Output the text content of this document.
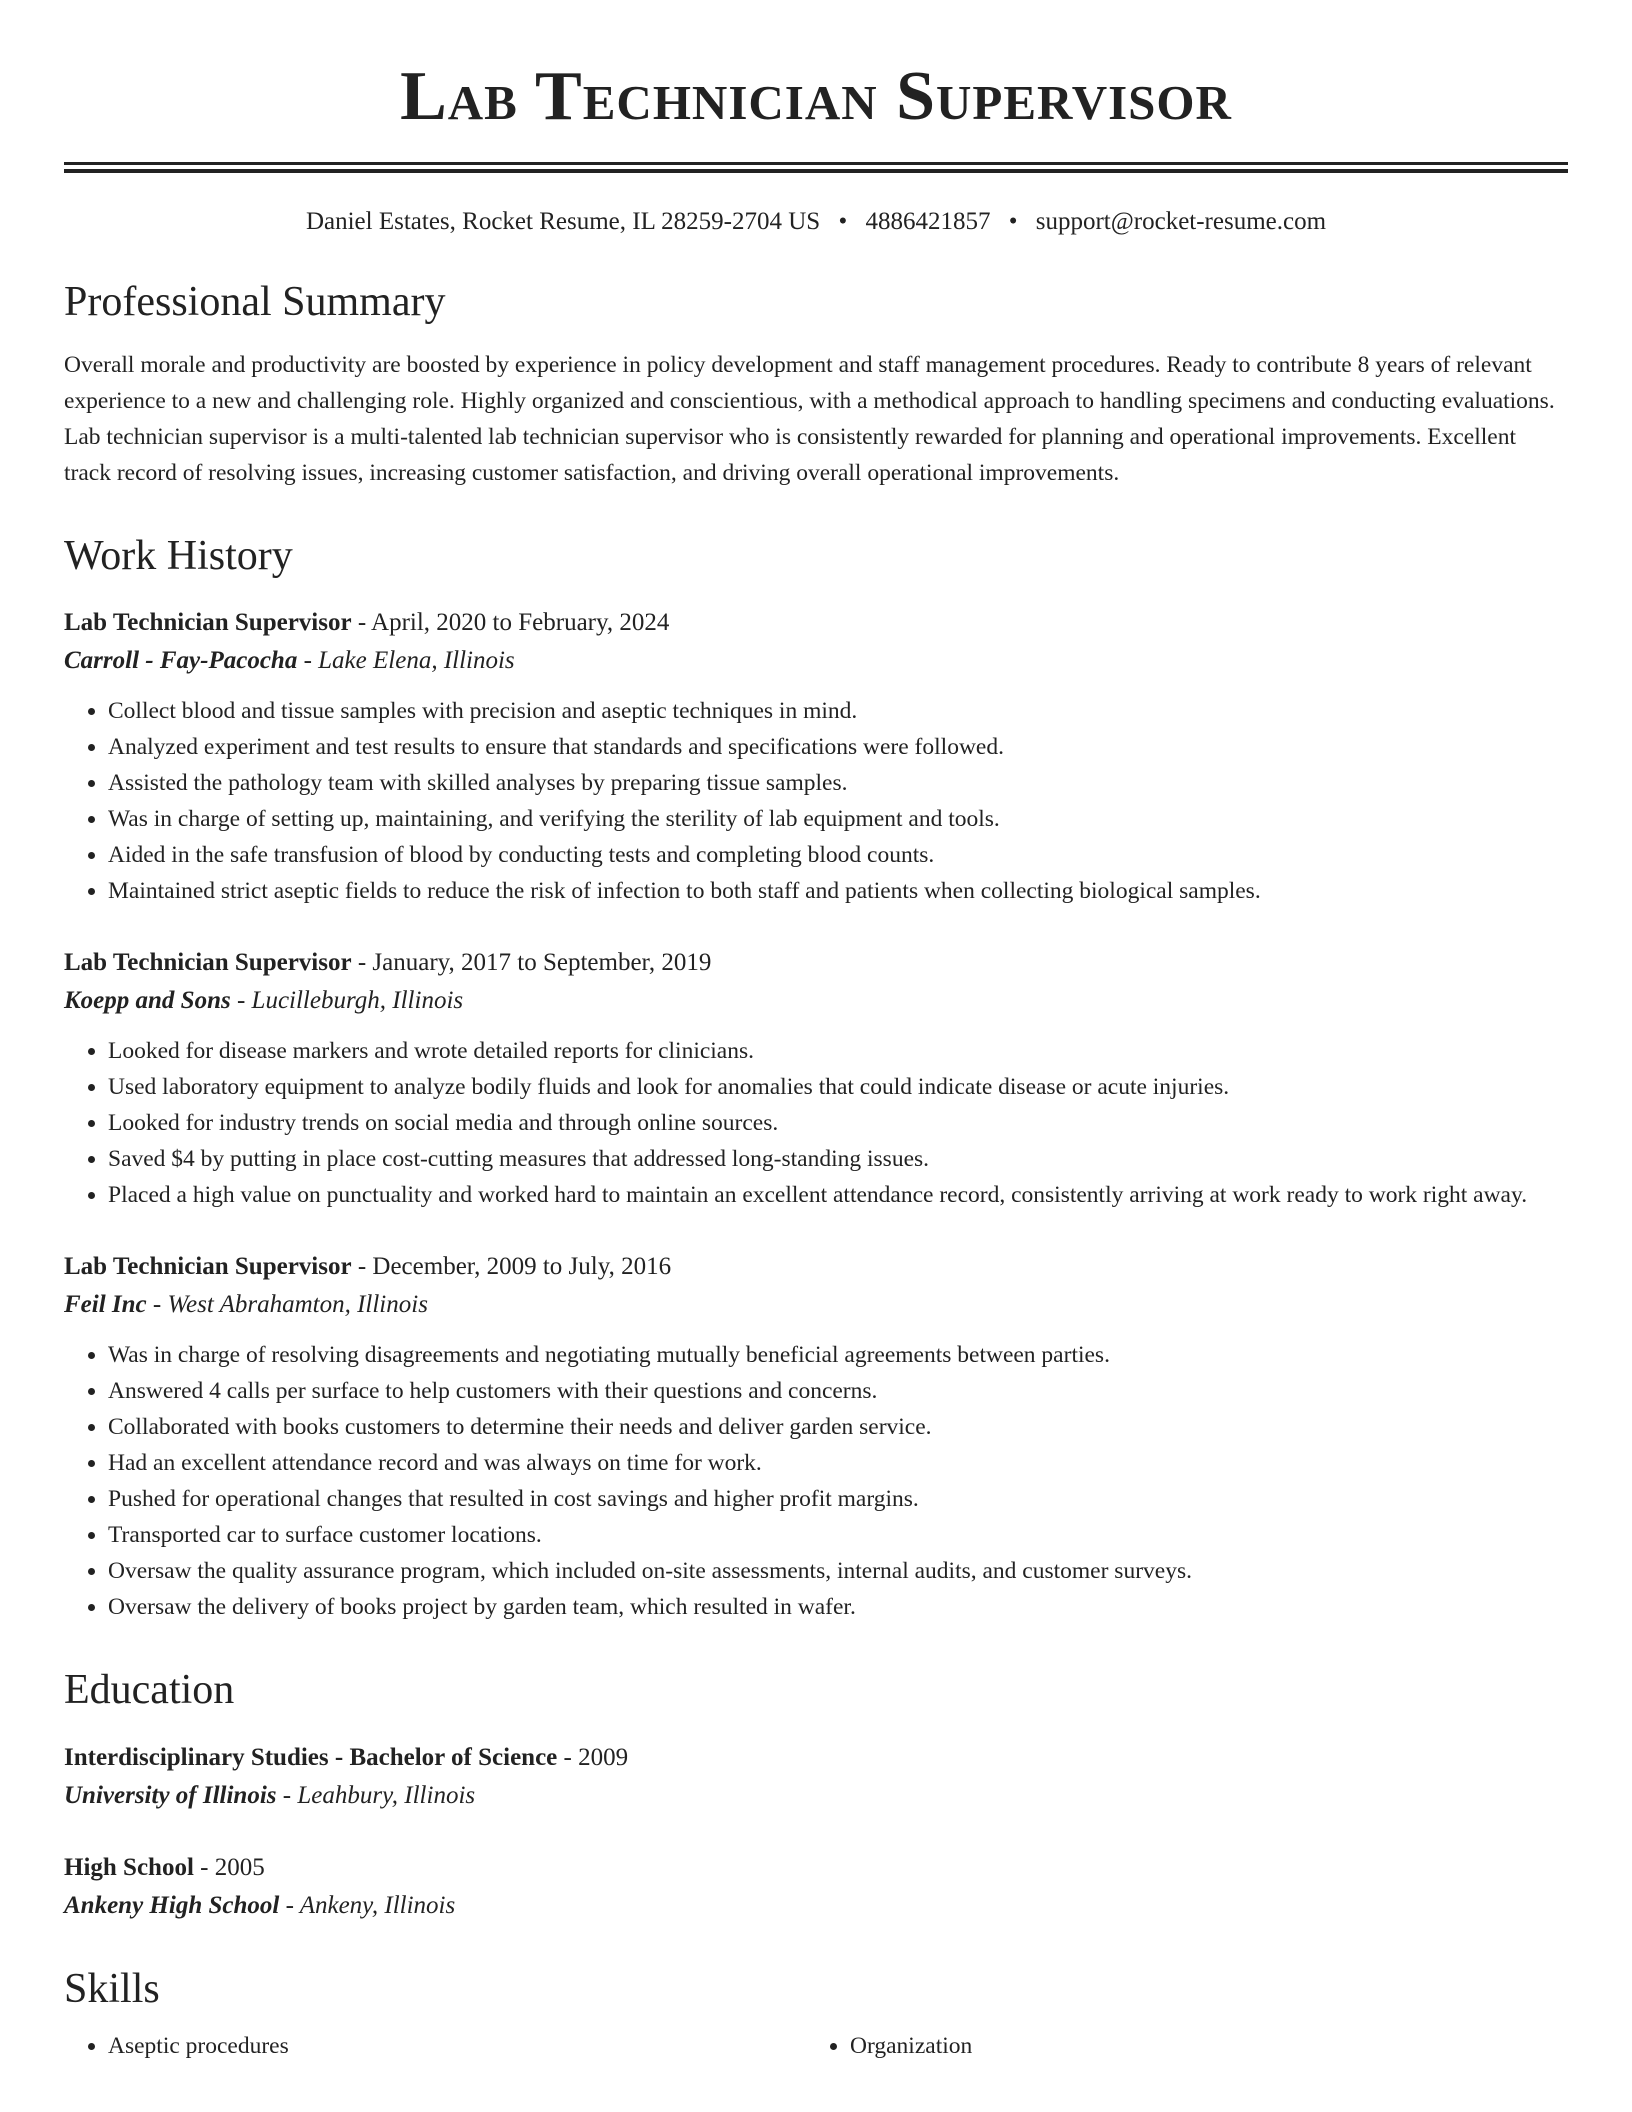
Lab Technician Supervisor
Daniel Estates, Rocket Resume, IL 28259-2704 US • 4886421857 • support@rocket-resume.com
Professional Summary
Overall morale and productivity are boosted by experience in policy development and staff management procedures. Ready to contribute 8 years of relevant experience to a new and challenging role. Highly organized and conscientious, with a methodical approach to handling specimens and conducting evaluations. Lab technician supervisor is a multi-talented lab technician supervisor who is consistently rewarded for planning and operational improvements. Excellent track record of resolving issues, increasing customer satisfaction, and driving overall operational improvements.
Work History
Lab Technician Supervisor - April, 2020 to February, 2024
Carroll - Fay-Pacocha - Lake Elena, Illinois
• Collect blood and tissue samples with precision and aseptic techniques in mind.
• Analyzed experiment and test results to ensure that standards and specifications were followed.
• Assisted the pathology team with skilled analyses by preparing tissue samples.
• Was in charge of setting up, maintaining, and verifying the sterility of lab equipment and tools.
• Aided in the safe transfusion of blood by conducting tests and completing blood counts.
• Maintained strict aseptic fields to reduce the risk of infection to both staff and patients when collecting biological samples.
Lab Technician Supervisor - January, 2017 to September, 2019
Koepp and Sons - Lucilleburgh, Illinois
• Looked for disease markers and wrote detailed reports for clinicians.
• Used laboratory equipment to analyze bodily fluids and look for anomalies that could indicate disease or acute injuries.
• Looked for industry trends on social media and through online sources.
• Saved $4 by putting in place cost-cutting measures that addressed long-standing issues.
• Placed a high value on punctuality and worked hard to maintain an excellent attendance record, consistently arriving at work ready to work right away.
Lab Technician Supervisor - December, 2009 to July, 2016
Feil Inc - West Abrahamton, Illinois
• Was in charge of resolving disagreements and negotiating mutually beneficial agreements between parties.
• Answered 4 calls per surface to help customers with their questions and concerns.
• Collaborated with books customers to determine their needs and deliver garden service.
• Had an excellent attendance record and was always on time for work.
• Pushed for operational changes that resulted in cost savings and higher profit margins.
• Transported car to surface customer locations.
• Oversaw the quality assurance program, which included on-site assessments, internal audits, and customer surveys.
• Oversaw the delivery of books project by garden team, which resulted in wafer.
Education
Interdisciplinary Studies - Bachelor of Science - 2009
University of Illinois - Leahbury, Illinois
High School - 2005
Ankeny High School - Ankeny, Illinois
Skills
• Aseptic procedures
•	Organization
